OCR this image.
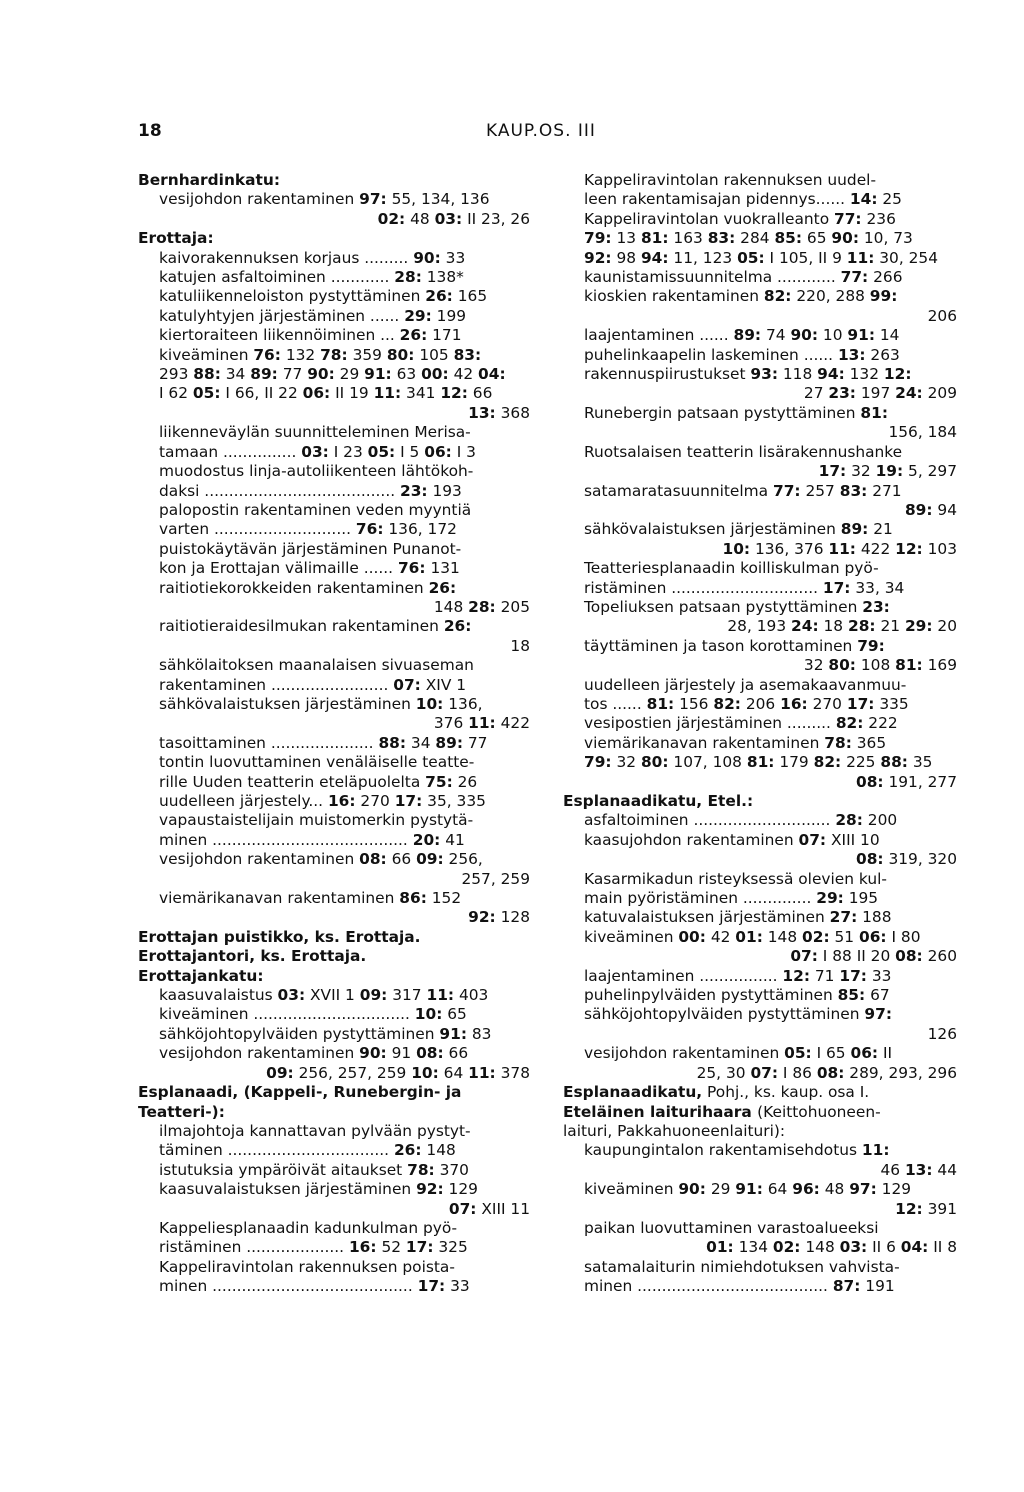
18	KAUP.OS. III

Bernhardinkatu:

vesijohdon rakentaminen 97: 55, 134, 136

02: 48 03: II 23, 26

Erottaja:

kaivorakennuksen korjaus ......... 90: 33

katujen asfaltoiminen ............ 28: 138*

katuliikenneloiston pystyttäminen 26: 165

katulyhtyjen järjestäminen ...... 29: 199

kiertoraiteen liikennöiminen ... 26: 171

kiveäminen 76: 132 78: 359 80: 105 83:

293 88: 34 89: 77 90: 29 91: 63 00: 42 04:

I 62 05: I 66, II 22 06: II 19 11: 341 12: 66

13: 368

liikenneväylän suunnitteleminen Merisa-

tamaan ............... 03: I 23 05: I 5 06: I 3

muodostus linja-autoliikenteen lähtökoh-

daksi ....................................... 23: 193

palopostin rakentaminen veden myyntiä

varten ............................ 76: 136, 172

puistokäytävän järjestäminen Punanot-

kon ja Erottajan välimaille ...... 76: 131

raitiotiekorokkeiden rakentaminen 26:

148 28: 205

raitiotieraidesilmukan rakentaminen 26:

18

sähkölaitoksen maanalaisen sivuaseman

rakentaminen ........................ 07: XIV 1

sähkövalaistuksen järjestäminen 10: 136,

376 11: 422

tasoittaminen ..................... 88: 34 89: 77

tontin luovuttaminen venäläiselle teatte-

rille Uuden teatterin eteläpuolelta 75: 26

uudelleen järjestely... 16: 270 17: 35, 335

vapaustaistelijain muistomerkin pystytä-

minen ........................................ 20: 41

vesijohdon rakentaminen 08: 66 09: 256,

257, 259

viemärikanavan rakentaminen 86: 152

92: 128

Erottajan puistikko, ks. Erottaja.

Erottajantori, ks. Erottaja.

Erottajankatu:

kaasuvalaistus 03: XVII 1 09: 317 11: 403

kiveäminen ................................ 10: 65

sähköjohtopylväiden pystyttäminen 91: 83

vesijohdon rakentaminen 90: 91 08: 66

09: 256, 257, 259 10: 64 11: 378

Esplanaadi, (Kappeli-, Runebergin- ja

Teatteri-):

ilmajohtoja kannattavan pylvään pystyt-

täminen ................................. 26: 148

istutuksia ympäröivät aitaukset 78: 370

kaasuvalaistuksen järjestäminen 92: 129

07: XIII 11

Kappeliesplanaadin kadunkulman pyö-

ristäminen .................... 16: 52 17: 325

Kappeliravintolan rakennuksen poista-

minen ......................................... 17: 33

Kappeliravintolan rakennuksen uudel-

leen rakentamisajan pidennys...... 14: 25

Kappeliravintolan vuokralleanto 77: 236

79: 13 81: 163 83: 284 85: 65 90: 10, 73

92: 98 94: 11, 123 05: I 105, II 9 11: 30, 254

kaunistamissuunnitelma ............ 77: 266

kioskien rakentaminen 82: 220, 288 99:

206

laajentaminen ...... 89: 74 90: 10 91: 14

puhelinkaapelin laskeminen ...... 13: 263

rakennuspiirustukset 93: 118 94: 132 12:

27 23: 197 24: 209

Runebergin patsaan pystyttäminen 81:

156, 184

Ruotsalaisen teatterin lisärakennushanke

17: 32 19: 5, 297

satamaratasuunnitelma 77: 257 83: 271

89: 94

sähkövalaistuksen järjestäminen 89: 21

10: 136, 376 11: 422 12: 103

Teatteriesplanaadin koilliskulman pyö-

ristäminen .............................. 17: 33, 34

Topeliuksen patsaan pystyttäminen 23:

28, 193 24: 18 28: 21 29: 20

täyttäminen ja tason korottaminen 79:

32 80: 108 81: 169

uudelleen järjestely ja asemakaavanmuu-

tos ...... 81: 156 82: 206 16: 270 17: 335

vesipostien järjestäminen ......... 82: 222

viemärikanavan rakentaminen 78: 365

79: 32 80: 107, 108 81: 179 82: 225 88: 35

08: 191, 277

Esplanaadikatu, Etel.:

asfaltoiminen ............................ 28: 200

kaasujohdon rakentaminen 07: XIII 10

08: 319, 320

Kasarmikadun risteyksessä olevien kul-

main pyöristäminen .............. 29: 195

katuvalaistuksen järjestäminen 27: 188

kiveäminen 00: 42 01: 148 02: 51 06: I 80

07: I 88 II 20 08: 260

laajentaminen ................ 12: 71 17: 33

puhelinpylväiden pystyttäminen 85: 67

sähköjohtopylväiden pystyttäminen 97:

126

vesijohdon rakentaminen 05: I 65 06: II

25, 30 07: I 86 08: 289, 293, 296

Esplanaadikatu, Pohj., ks. kaup. osa I.

Eteläinen laiturihaara (Keittohuoneen-

laituri, Pakkahuoneenlaituri):

kaupungintalon rakentamisehdotus 11:

46 13: 44

kiveäminen 90: 29 91: 64 96: 48 97: 129

12: 391

paikan luovuttaminen varastoalueeksi

01: 134 02: 148 03: II 6 04: II 8

satamalaiturin nimiehdotuksen vahvista-

minen ....................................... 87: 191
